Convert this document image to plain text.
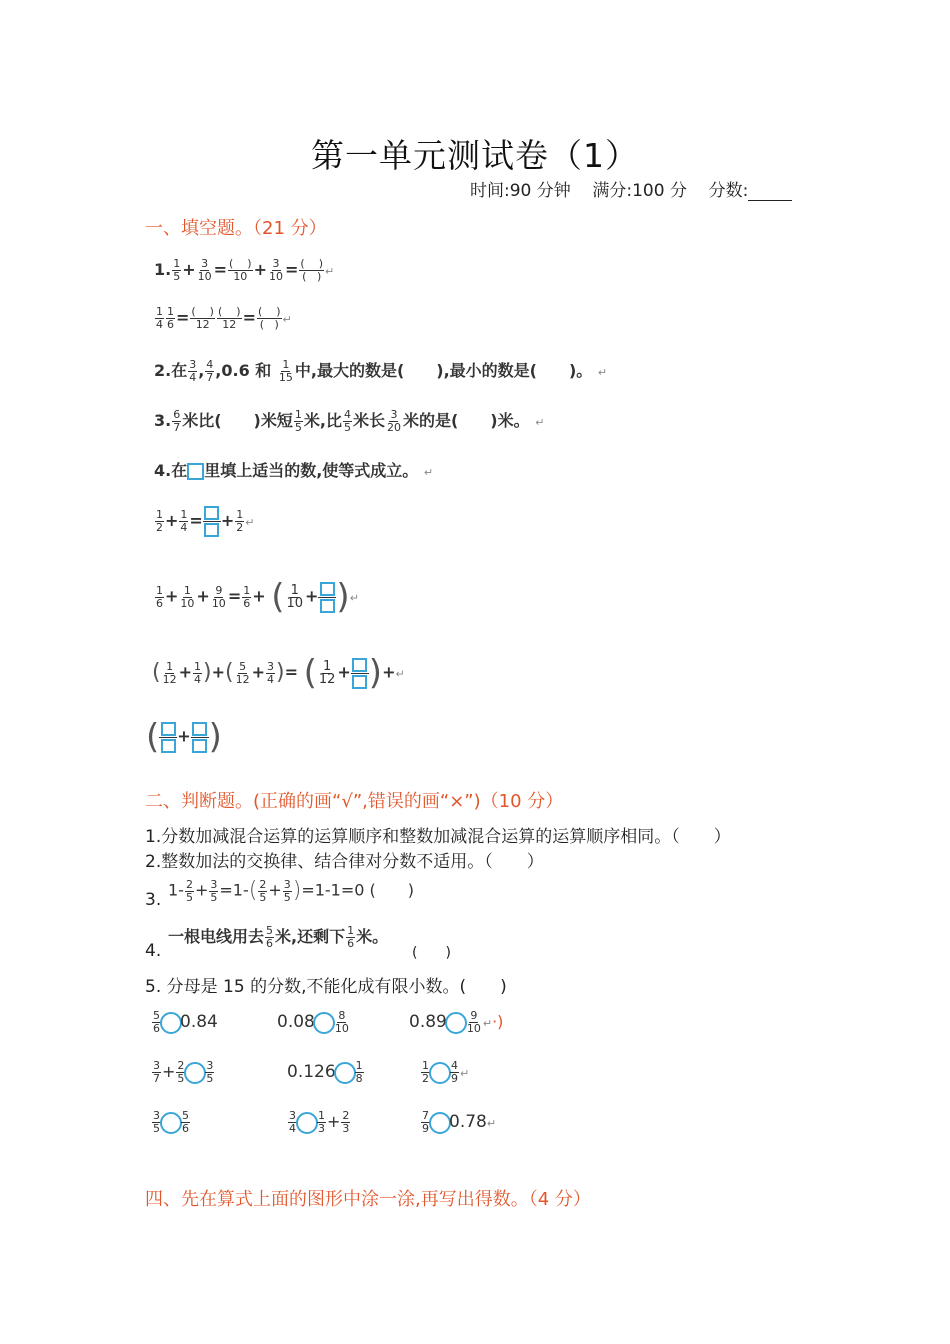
第一单元测试卷（1）
时间:90 分钟 满分:100 分 分数:
一、填空题。（21 分）
1. $\frac{1}{5} + \frac{3}{10} = \frac{( )}{10} + \frac{3}{10} = \frac{( )}{( )}$ ↵
$\frac{1}{4} \frac{1}{6} = \frac{( )}{12} \frac{( )}{12} = \frac{( )}{( )}$ ↵
2.在 $\frac{3}{4}$ , $\frac{4}{7} ,0.6$ 和 $\frac{1}{15}$ 中,最大的数是(　　),最小的数是(　　)。 ↵
3. $\frac{6}{7}$ 米比(　　)米短 $\frac{1}{5}$ 米,比 $\frac{4}{5}$ 米长 $\frac{3}{20}$ 米的是(　　)米。 ↵
4.在 里填上适当的数,使等式成立。 ↵
$\frac{1}{2} + \frac{1}{4}$ = + $\frac{1}{2}$ ↵
$\frac{1}{6} + \frac{1}{10} + \frac{9}{10} = \frac{1}{6}$ + ( $\frac{1}{10}$ + )↵
( $\frac{1}{12} + \frac{1}{4}$ )+( $\frac{5}{12} + \frac{3}{4}$ )= ( $\frac{1}{12}$ + )+↵
( + )
二、判断题。(正确的画“√”,错误的画“×”)（10 分）
1.分数加减混合运算的运算顺序和整数加减混合运算的运算顺序相同。（　　）
2.整数加法的交换律、结合律对分数不适用。（　　）
3. $1- \frac{2}{5} + \frac{3}{5} =1-( \frac{2}{5} + \frac{3}{5} )=1-1=0$ (　　)
4.
一根电线用去 $\frac{5}{6}$ 米,还剩下 $\frac{1}{6}$ 米。
(　　)
5. 分母是 15 的分数,不能化成有限小数。(　　)
$\frac{5}{6} 0.84$	$0.08 \frac{8}{10}$	$0.89 \frac{9}{10}$ ↵·)
$\frac{3}{7} + \frac{2}{5} \frac{3}{5}$	$0.126 \frac{1}{8}$	$\frac{1}{2} \frac{4}{9}$ ↵
$\frac{3}{5} \frac{5}{6}$	$\frac{3}{4} \frac{1}{3} + \frac{2}{3}$	$\frac{7}{9}$ 0.78↵
四、先在算式上面的图形中涂一涂,再写出得数。（4 分）
